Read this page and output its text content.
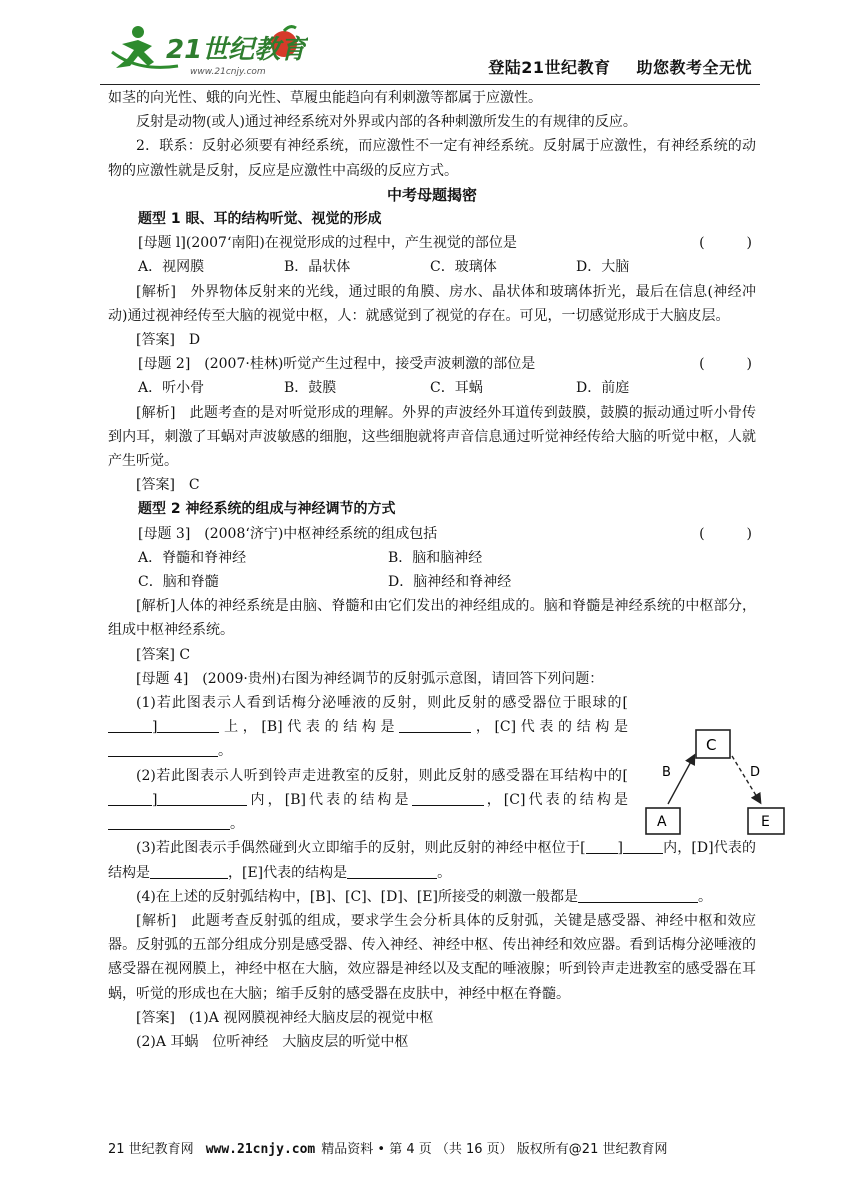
21世纪教育
www.21cnjy.com	登陆21世纪教育 助您教考全无忧

如茎的向光性、蛾的向光性、草履虫能趋向有利刺激等都属于应激性。

反射是动物(或人)通过神经系统对外界或内部的各种刺激所发生的有规律的反应。

2．联系：反射必须要有神经系统，而应激性不一定有神经系统。反射属于应激性，有神经系统的动物的应激性就是反射，反应是应激性中高级的反应方式。

中考母题揭密
题型 1 眼、耳的结构听觉、视觉的形成
[母题 l](2007‘南阳)在视觉形成的过程中，产生视觉的部位是	(　　　)
A．视网膜	B．晶状体	C．玻璃体	D．大脑

[解析]　外界物体反射来的光线，通过眼的角膜、房水、晶状体和玻璃体折光，最后在信息(神经冲动)通过视神经传至大脑的视觉中枢，人：就感觉到了视觉的存在。可见，一切感觉形成于大脑皮层。

[答案]　D

[母题 2]　(2007·桂林)听觉产生过程中，接受声波刺激的部位是	(　　　)
A．听小骨	B．鼓膜	C．耳蜗	D．前庭

[解析]　此题考查的是对听觉形成的理解。外界的声波经外耳道传到鼓膜，鼓膜的振动通过听小骨传到内耳，刺激了耳蜗对声波敏感的细胞，这些细胞就将声音信息通过听觉神经传给大脑的听觉中枢，人就产生听觉。

[答案]　C

题型 2 神经系统的组成与神经调节的方式
[母题 3]　(2008‘济宁)中枢神经系统的组成包括	(　　　)
A．脊髓和脊神经	B．脑和脑神经
C．脑和脊髓	D．脑神经和脊神经

[解析]人体的神经系统是由脑、脊髓和由它们发出的神经组成的。脑和脊髓是神经系统的中枢部分，组成中枢神经系统。

[答案] C

[母题 4]　(2009·贵州)右图为神经调节的反射弧示意图，请回答下列问题：

(1)若此图表示人看到话梅分泌唾液的反射，则此反射的感受器位于眼球的[]	上，[B]代表的结构是	，[C]代表的结构是。

(2)若此图表示人听到铃声走进教室的反射，则此反射的感受器在耳结构中的[]	内，[B]代表的结构是	，[C]代表的结构是。

(3)若此图表示手偶然碰到火立即缩手的反射，则此反射的神经中枢位于[ ]	内，[D]代表的结构是	，[E]代表的结构是	。

(4)在上述的反射弧结构中，[B]、[C]、[D]、[E]所接受的刺激一般都是	。

[解析]　此题考查反射弧的组成，要求学生会分析具体的反射弧，关键是感受器、神经中枢和效应器。反射弧的五部分组成分别是感受器、传入神经、神经中枢、传出神经和效应器。看到话梅分泌唾液的感受器在视网膜上，神经中枢在大脑，效应器是神经以及支配的唾液腺；听到铃声走进教室的感受器在耳蜗，听觉的形成也在大脑；缩手反射的感受器在皮肤中，神经中枢在脊髓。

[答案]　(1)A 视网膜视神经大脑皮层的视觉中枢

(2)A 耳蜗　位听神经　大脑皮层的听觉中枢

C
A	E
B	D
21 世纪教育网 www.21cnjy.com 精品资料 • 第 4 页 （共 16 页） 版权所有@21 世纪教育网
